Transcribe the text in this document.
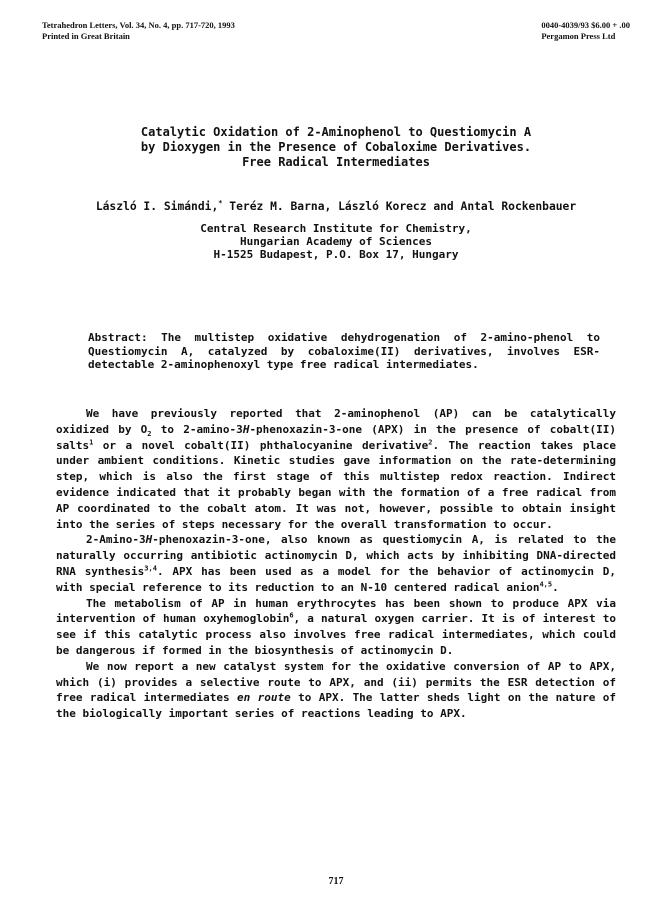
Tetrahedron Letters, Vol. 34, No. 4, pp. 717-720, 1993
Printed in Great Britain
0040-4039/93 $6.00 + .00
Pergamon Press Ltd
Catalytic Oxidation of 2-Aminophenol to Questiomycin A
by Dioxygen in the Presence of Cobaloxime Derivatives.
Free Radical Intermediates
László I. Simándi,* Teréz M. Barna, László Korecz and Antal Rockenbauer
Central Research Institute for Chemistry,
Hungarian Academy of Sciences
H-1525 Budapest, P.O. Box 17, Hungary
Abstract: The multistep oxidative dehydrogenation of 2-amino-phenol to Questiomycin A, catalyzed by cobaloxime(II) derivatives, involves ESR-detectable 2-aminophenoxyl type free radical intermediates.

We have previously reported that 2-aminophenol (AP) can be catalytically oxidized by $O_2$ to 2-amino-3H-phenoxazin-3-one (APX) in the presence of cobalt(II) salts$^1$ or a novel cobalt(II) phthalocyanine derivative$^2$. The reaction takes place under ambient conditions. Kinetic studies gave information on the rate-determining step, which is also the first stage of this multistep redox reaction. Indirect evidence indicated that it probably began with the formation of a free radical from AP coordinated to the cobalt atom. It was not, however, possible to obtain insight into the series of steps necessary for the overall transformation to occur.

2-Amino-3H-phenoxazin-3-one, also known as questiomycin A, is related to the naturally occurring antibiotic actinomycin D, which acts by inhibiting DNA-directed RNA synthesis$^{3,4}$. APX has been used as a model for the behavior of actinomycin D, with special reference to its reduction to an N-10 centered radical anion$^{4,5}$.

The metabolism of AP in human erythrocytes has been shown to produce APX via intervention of human oxyhemoglobin$^6$, a natural oxygen carrier. It is of interest to see if this catalytic process also involves free radical intermediates, which could be dangerous if formed in the biosynthesis of actinomycin D.

We now report a new catalyst system for the oxidative conversion of AP to APX, which (i) provides a selective route to APX, and (ii) permits the ESR detection of free radical intermediates en route to APX. The latter sheds light on the nature of the biologically important series of reactions leading to APX.

717
